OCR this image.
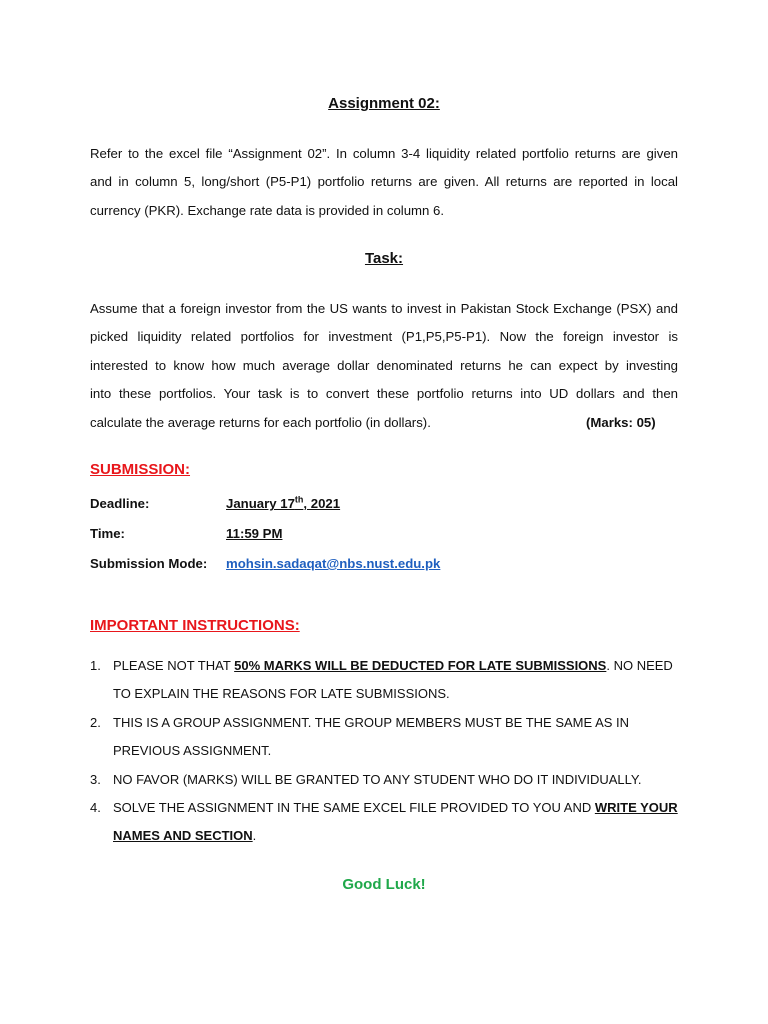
Assignment 02:
Refer to the excel file “Assignment 02”. In column 3-4 liquidity related portfolio returns are given
and in column 5, long/short (P5-P1) portfolio returns are given. All returns are reported in local
currency (PKR). Exchange rate data is provided in column 6.
Task:
Assume that a foreign investor from the US wants to invest in Pakistan Stock Exchange (PSX) and
picked liquidity related portfolios for investment (P1,P5,P5-P1). Now the foreign investor is
interested to know how much average dollar denominated returns he can expect by investing
into these portfolios. Your task is to convert these portfolio returns into UD dollars and then
calculate the average returns for each portfolio (in dollars).	(Marks: 05)
SUBMISSION:
Deadline:	January 17th, 2021
Time:	11:59 PM
Submission Mode: mohsin.sadaqat@nbs.nust.edu.pk
IMPORTANT INSTRUCTIONS:
1. PLEASE NOT THAT 50% MARKS WILL BE DEDUCTED FOR LATE SUBMISSIONS. NO NEED TO EXPLAIN THE REASONS FOR LATE SUBMISSIONS.
2. THIS IS A GROUP ASSIGNMENT. THE GROUP MEMBERS MUST BE THE SAME AS IN PREVIOUS ASSIGNMENT.
3. NO FAVOR (MARKS) WILL BE GRANTED TO ANY STUDENT WHO DO IT INDIVIDUALLY.
4. SOLVE THE ASSIGNMENT IN THE SAME EXCEL FILE PROVIDED TO YOU AND WRITE YOUR NAMES AND SECTION.
Good Luck!
